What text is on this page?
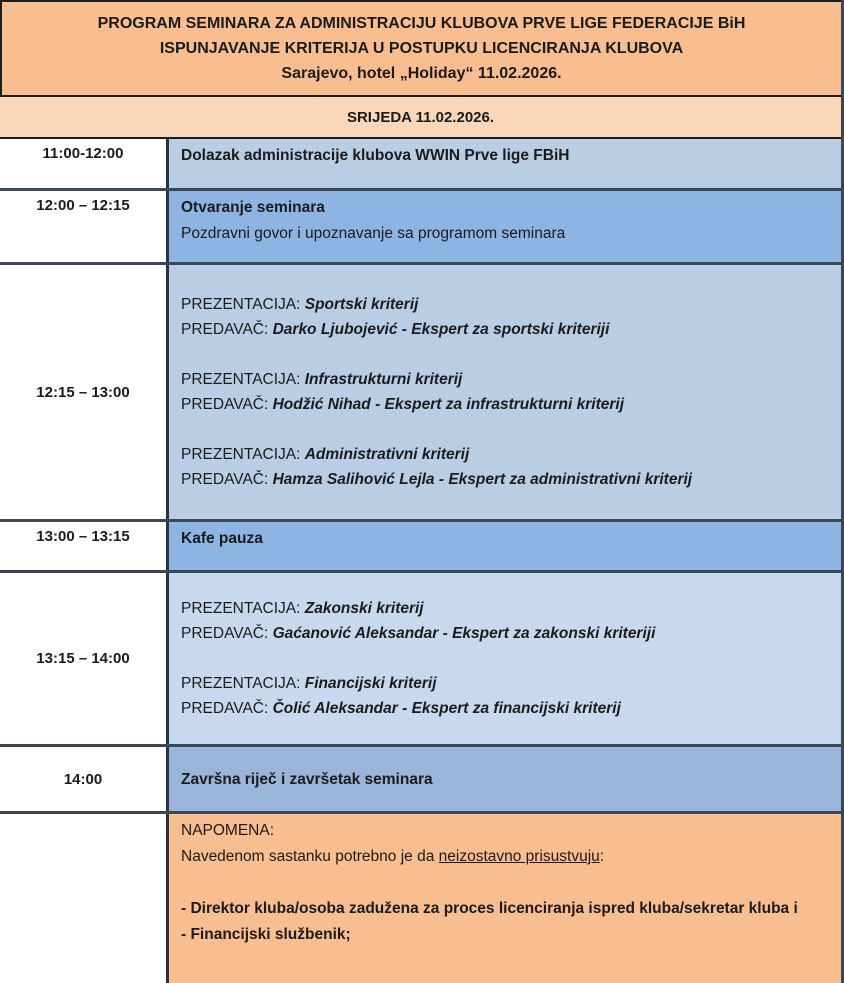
PROGRAM SEMINARA ZA ADMINISTRACIJU KLUBOVA PRVE LIGE FEDERACIJE BiH
ISPUNJAVANJE KRITERIJA U POSTUPKU LICENCIRANJA KLUBOVA
Sarajevo, hotel „Holiday“ 11.02.2026.
SRIJEDA 11.02.2026.
11:00-12:00	Dolazak administracije klubova WWIN Prve lige FBiH
12:00 – 12:15	Otvaranje seminara
Pozdravni govor i upoznavanje sa programom seminara
12:15 – 13:00
PREZENTACIJA: Sportski kriterij
PREDAVAČ: Darko Ljubojević - Ekspert za sportski kriteriji

PREZENTACIJA: Infrastrukturni kriterij
PREDAVAČ: Hodžić Nihad - Ekspert za infrastrukturni kriterij

PREZENTACIJA: Administrativni kriterij
PREDAVAČ: Hamza Salihović Lejla - Ekspert za administrativni kriterij
13:00 – 13:15	Kafe pauza
13:15 – 14:00
PREZENTACIJA: Zakonski kriterij
PREDAVAČ: Gaćanović Aleksandar - Ekspert za zakonski kriteriji

PREZENTACIJA: Financijski kriterij
PREDAVAČ: Čolić Aleksandar - Ekspert za financijski kriterij
14:00	Završna riječ i završetak seminara
NAPOMENA:
Navedenom sastanku potrebno je da neizostavno prisustvuju:

- Direktor kluba/osoba zadužena za proces licenciranja ispred kluba/sekretar kluba i
- Financijski službenik;
